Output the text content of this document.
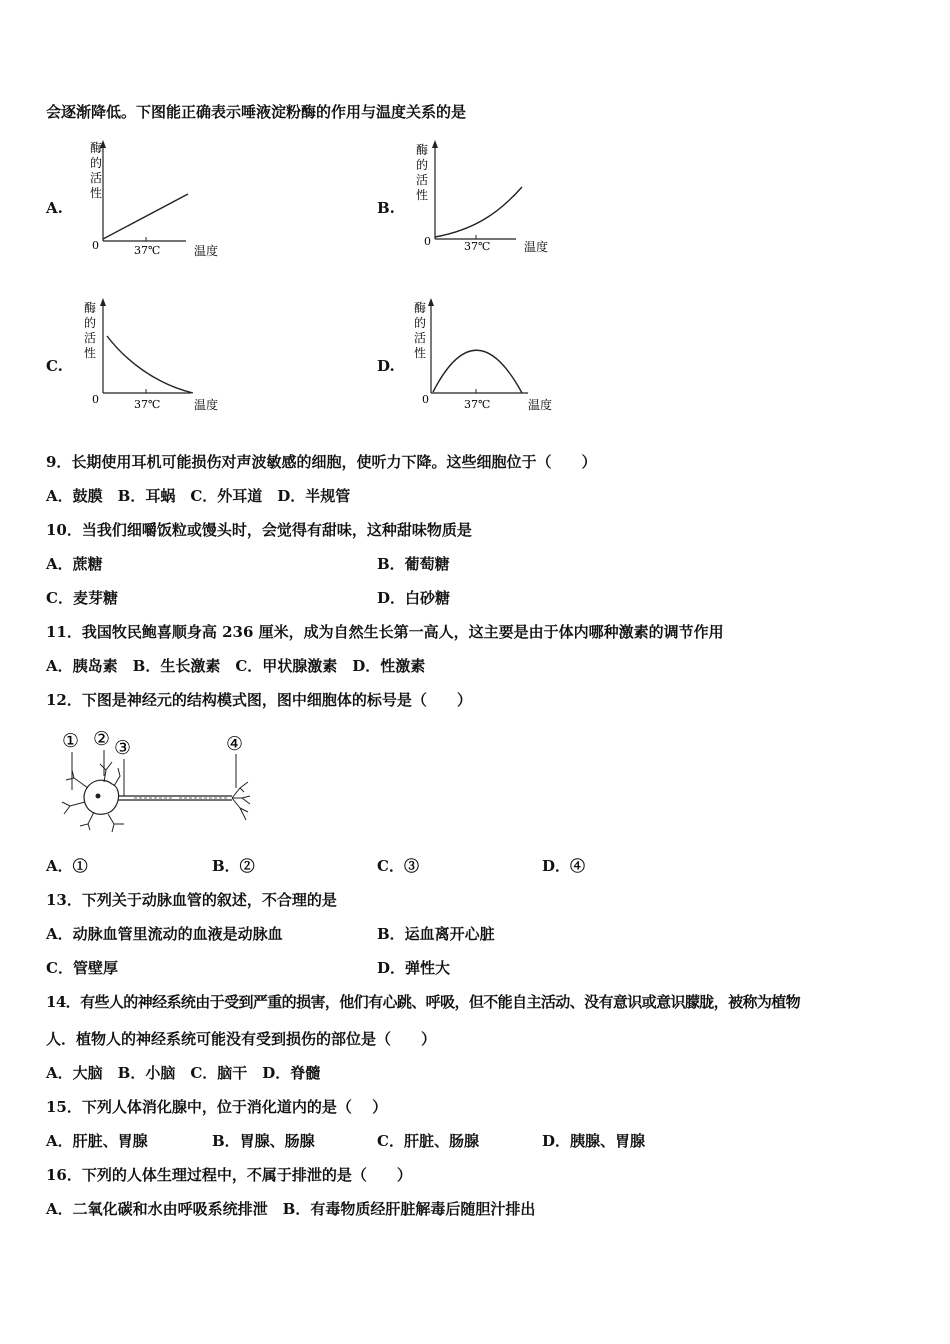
会逐渐降低。下图能正确表示唾液淀粉酶的作用与温度关系的是
A.	B.
C.	D.
酶
的
活
性
0	37℃	温度
酶
的
活
性
0	37℃	温度
酶
的
活
性
0	37℃	温度
酶
的
活
性
0	37℃	温度
9．长期使用耳机可能损伤对声波敏感的细胞，使听力下降。这些细胞位于（　　）
A．鼓膜　B．耳蜗　C．外耳道　D．半规管
10．当我们细嚼饭粒或馒头时，会觉得有甜味，这种甜味物质是
A．蔗糖	B．葡萄糖
C．麦芽糖	D．白砂糖
11．我国牧民鲍喜顺身高 236 厘米，成为自然生长第一高人，这主要是由于体内哪种激素的调节作用
A．胰岛素　B．生长激素　C．甲状腺激素　D．性激素
12．下图是神经元的结构模式图，图中细胞体的标号是（　　）
① ② ③	④
A．①	B．②	C．③	D．④
13．下列关于动脉血管的叙述，不合理的是
A．动脉血管里流动的血液是动脉血	B．运血离开心脏
C．管壁厚	D．弹性大
14．有些人的神经系统由于受到严重的损害，他们有心跳、呼吸，但不能自主活动、没有意识或意识朦胧，被称为植物
人．植物人的神经系统可能没有受到损伤的部位是（　　）
A．大脑　B．小脑　C．脑干　D．脊髓
15．下列人体消化腺中，位于消化道内的是（　 ）
A．肝脏、胃腺	B．胃腺、肠腺	C．肝脏、肠腺	D．胰腺、胃腺
16．下列的人体生理过程中，不属于排泄的是（　　）
A．二氧化碳和水由呼吸系统排泄　B．有毒物质经肝脏解毒后随胆汁排出
